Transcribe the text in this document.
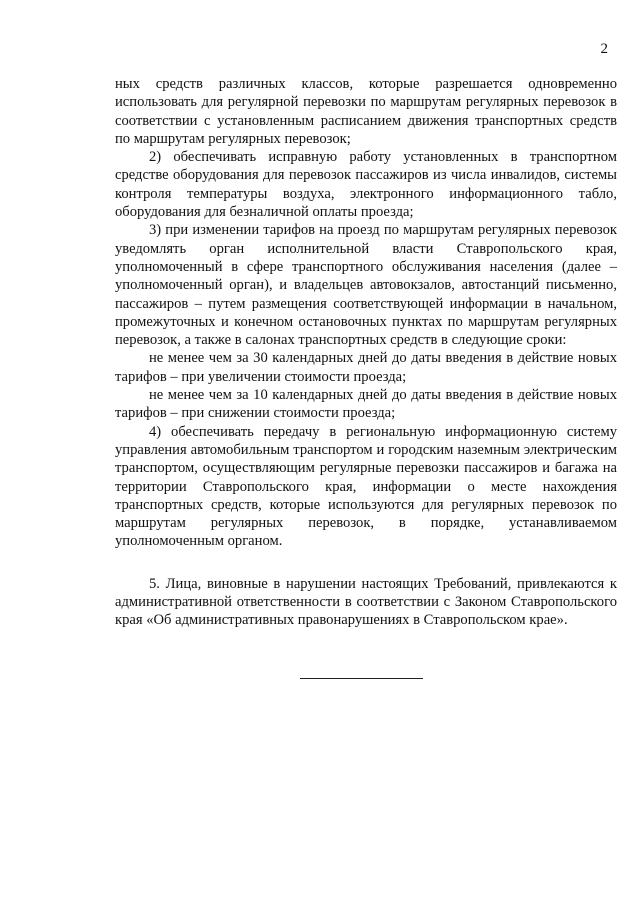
2

ных средств различных классов, которые разрешается одновременно использовать для регулярной перевозки по маршрутам регулярных перевозок в соответствии с установленным расписанием движения транспортных средств по маршрутам регулярных перевозок;

2) обеспечивать исправную работу установленных в транспортном средстве оборудования для перевозок пассажиров из числа инвалидов, системы контроля температуры воздуха, электронного информационного табло, оборудования для безналичной оплаты проезда;

3) при изменении тарифов на проезд по маршрутам регулярных перевозок уведомлять орган исполнительной власти Ставропольского края, уполномоченный в сфере транспортного обслуживания населения (далее – уполномоченный орган), и владельцев автовокзалов, автостанций письменно, пассажиров – путем размещения соответствующей информации в начальном, промежуточных и конечном остановочных пунктах по маршрутам регулярных перевозок, а также в салонах транспортных средств в следующие сроки:

не менее чем за 30 календарных дней до даты введения в действие новых тарифов – при увеличении стоимости проезда;

не менее чем за 10 календарных дней до даты введения в действие новых тарифов – при снижении стоимости проезда;

4) обеспечивать передачу в региональную информационную систему управления автомобильным транспортом и городским наземным электрическим транспортом, осуществляющим регулярные перевозки пассажиров и багажа на территории Ставропольского края, информации о месте нахождения транспортных средств, которые используются для регулярных перевозок по маршрутам регулярных перевозок, в порядке, устанавливаемом уполномоченным органом.

5. Лица, виновные в нарушении настоящих Требований, привлекаются к административной ответственности в соответствии с Законом Ставропольского края «Об административных правонарушениях в Ставропольском крае».
